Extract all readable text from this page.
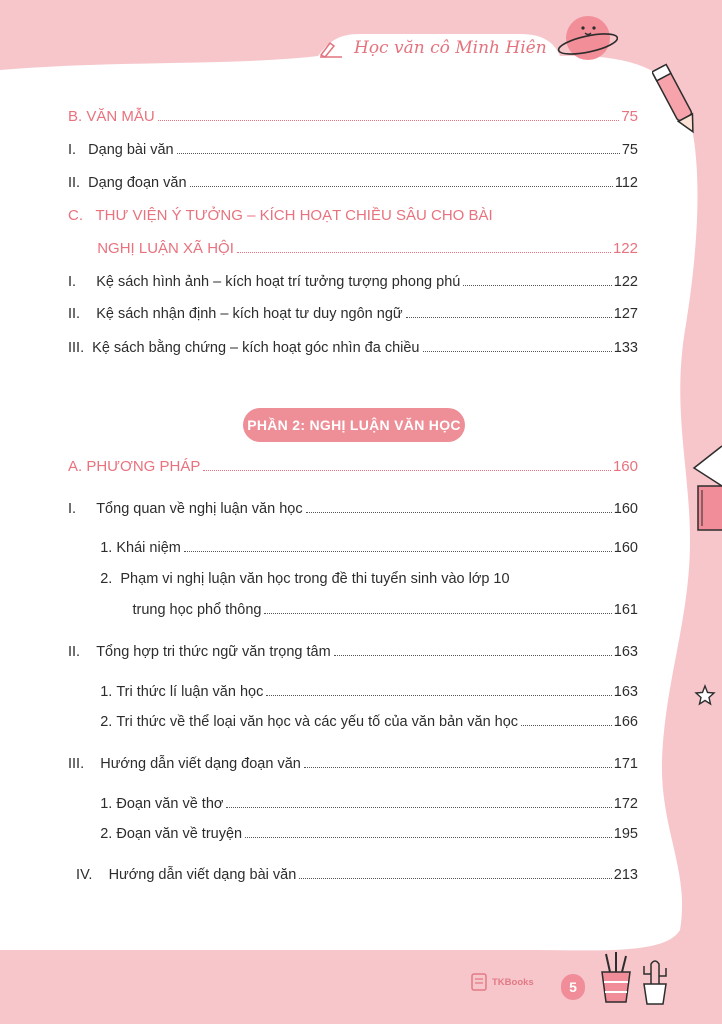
Học văn cô Minh Hiên
B. VĂN MẪU	75
I. Dạng bài văn	75
II. Dạng đoạn văn	112
C. THƯ VIỆN Ý TƯỞNG – KÍCH HOẠT CHIỀU SÂU CHO BÀI

NGHỊ LUẬN XÃ HỘI	122
I. Kệ sách hình ảnh – kích hoạt trí tưởng tượng phong phú	122
II. Kệ sách nhận định – kích hoạt tư duy ngôn ngữ	127
III. Kệ sách bằng chứng – kích hoạt góc nhìn đa chiều	133
A. PHƯƠNG PHÁP	160
I. Tổng quan về nghị luận văn học	160
1. Khái niệm	160
2. Phạm vi nghị luận văn học trong đề thi tuyển sinh vào lớp 10

trung học phổ thông	161
II. Tổng hợp tri thức ngữ văn trọng tâm	163
1. Tri thức lí luận văn học	163
2. Tri thức về thể loại văn học và các yếu tố của văn bản văn học	166
III. Hướng dẫn viết dạng đoạn văn	171
1. Đoạn văn về thơ	172
2. Đoạn văn về truyện	195
IV. Hướng dẫn viết dạng bài văn	213
PHẦN 2: NGHỊ LUẬN VĂN HỌC
TKBooks	5
